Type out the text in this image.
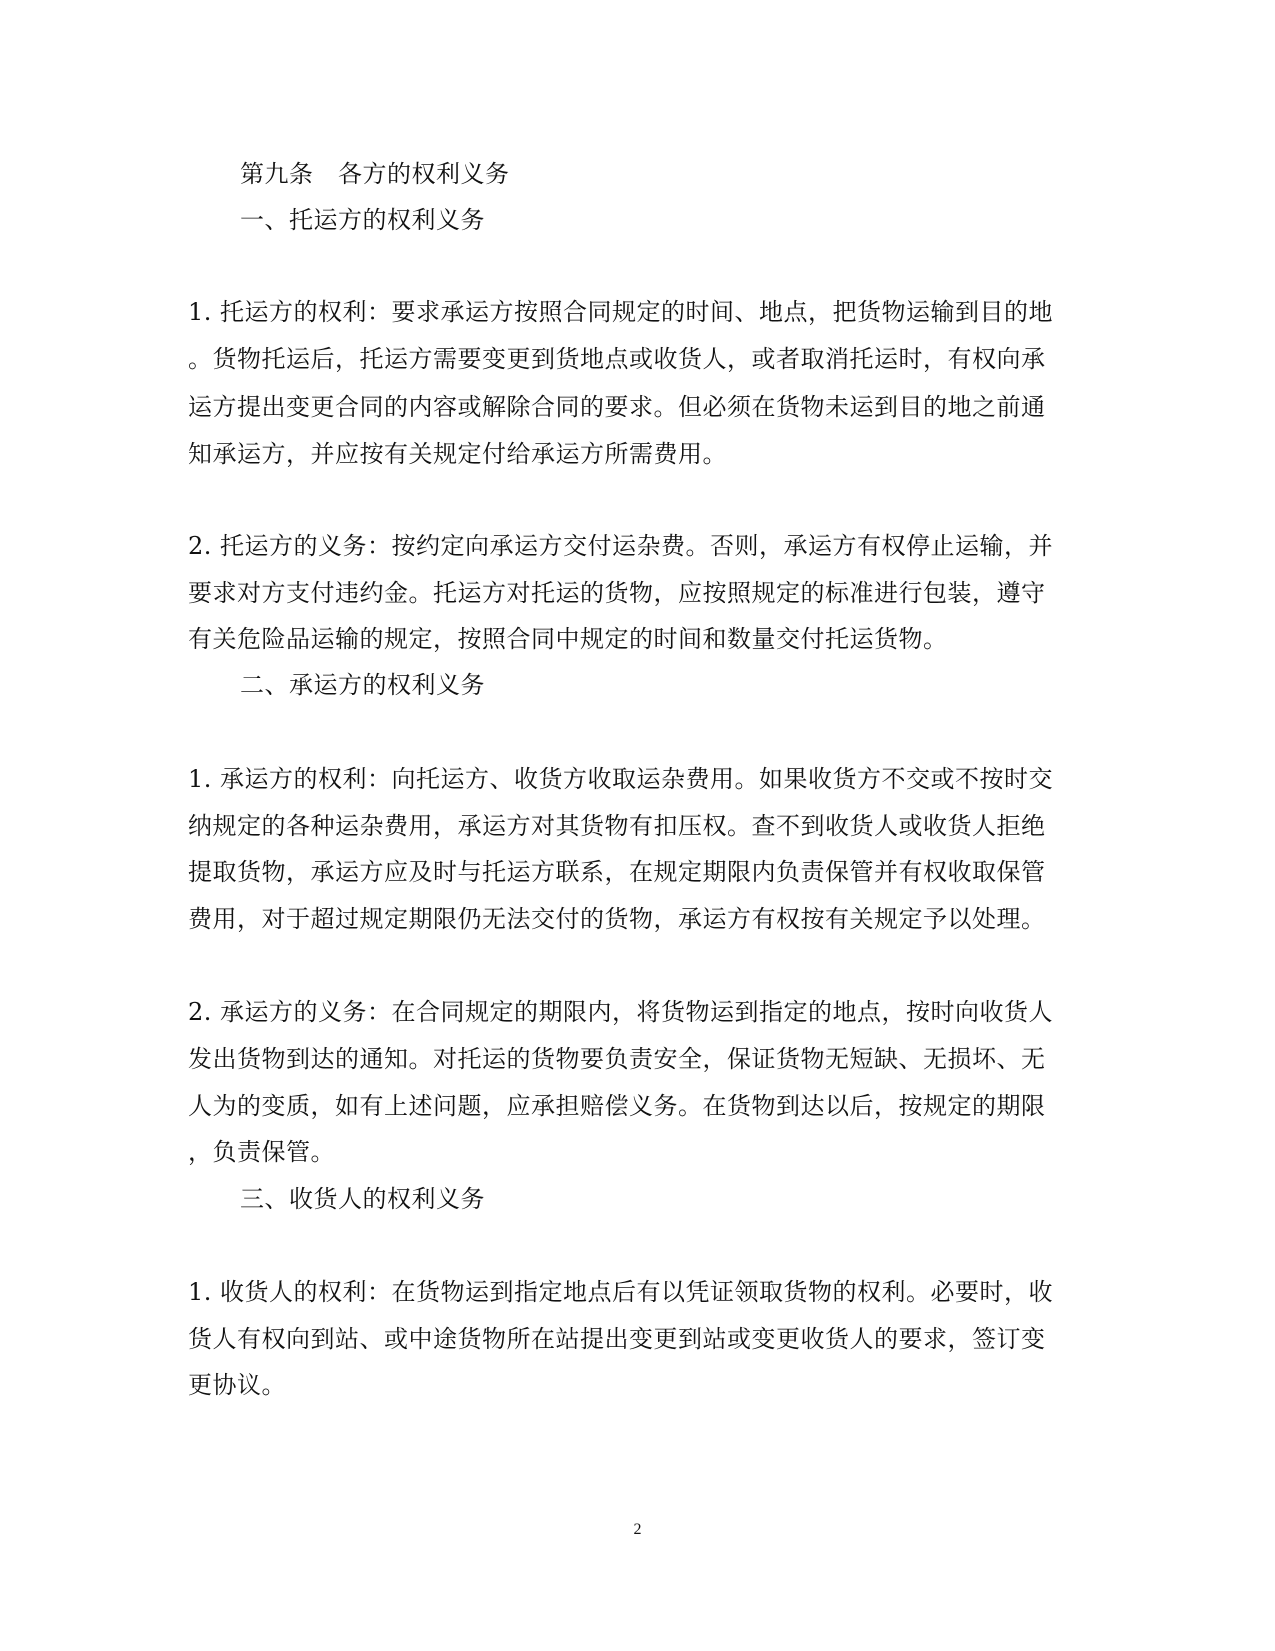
第九条　各方的权利义务
一、托运方的权利义务
1. 托运方的权利：要求承运方按照合同规定的时间、地点，把货物运输到目的地
。货物托运后，托运方需要变更到货地点或收货人，或者取消托运时，有权向承
运方提出变更合同的内容或解除合同的要求。但必须在货物未运到目的地之前通
知承运方，并应按有关规定付给承运方所需费用。
2. 托运方的义务：按约定向承运方交付运杂费。否则，承运方有权停止运输，并
要求对方支付违约金。托运方对托运的货物，应按照规定的标准进行包装，遵守
有关危险品运输的规定，按照合同中规定的时间和数量交付托运货物。
二、承运方的权利义务
1. 承运方的权利：向托运方、收货方收取运杂费用。如果收货方不交或不按时交
纳规定的各种运杂费用，承运方对其货物有扣压权。查不到收货人或收货人拒绝
提取货物，承运方应及时与托运方联系，在规定期限内负责保管并有权收取保管
费用，对于超过规定期限仍无法交付的货物，承运方有权按有关规定予以处理。
2. 承运方的义务：在合同规定的期限内，将货物运到指定的地点，按时向收货人
发出货物到达的通知。对托运的货物要负责安全，保证货物无短缺、无损坏、无
人为的变质，如有上述问题，应承担赔偿义务。在货物到达以后，按规定的期限
，负责保管。
三、收货人的权利义务
1. 收货人的权利：在货物运到指定地点后有以凭证领取货物的权利。必要时，收
货人有权向到站、或中途货物所在站提出变更到站或变更收货人的要求，签订变
更协议。
2
